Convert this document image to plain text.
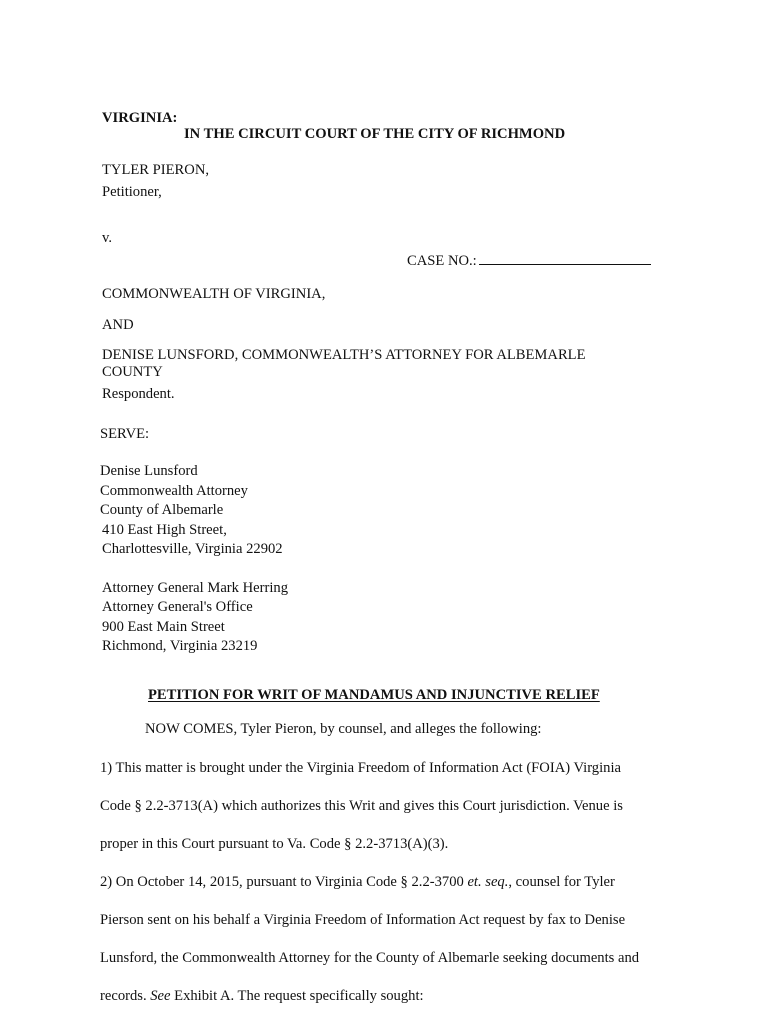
VIRGINIA:
IN THE CIRCUIT COURT OF THE CITY OF RICHMOND
TYLER PIERON,
Petitioner,
v.
CASE NO.:
COMMONWEALTH OF VIRGINIA,
AND
DENISE LUNSFORD, COMMONWEALTH’S ATTORNEY FOR ALBEMARLE
COUNTY
Respondent.
SERVE:
Denise Lunsford
Commonwealth Attorney
County of Albemarle
410 East High Street,
Charlottesville, Virginia 22902
Attorney General Mark Herring
Attorney General's Office
900 East Main Street
Richmond, Virginia 23219
PETITION FOR WRIT OF MANDAMUS AND INJUNCTIVE RELIEF
NOW COMES, Tyler Pieron, by counsel, and alleges the following:
1) This matter is brought under the Virginia Freedom of Information Act (FOIA) Virginia
Code § 2.2-3713(A) which authorizes this Writ and gives this Court jurisdiction. Venue is
proper in this Court pursuant to Va. Code § 2.2-3713(A)(3).
2) On October 14, 2015, pursuant to Virginia Code § 2.2-3700 et. seq., counsel for Tyler
Pierson sent on his behalf a Virginia Freedom of Information Act request by fax to Denise
Lunsford, the Commonwealth Attorney for the County of Albemarle seeking documents and
records. See Exhibit A. The request specifically sought:
